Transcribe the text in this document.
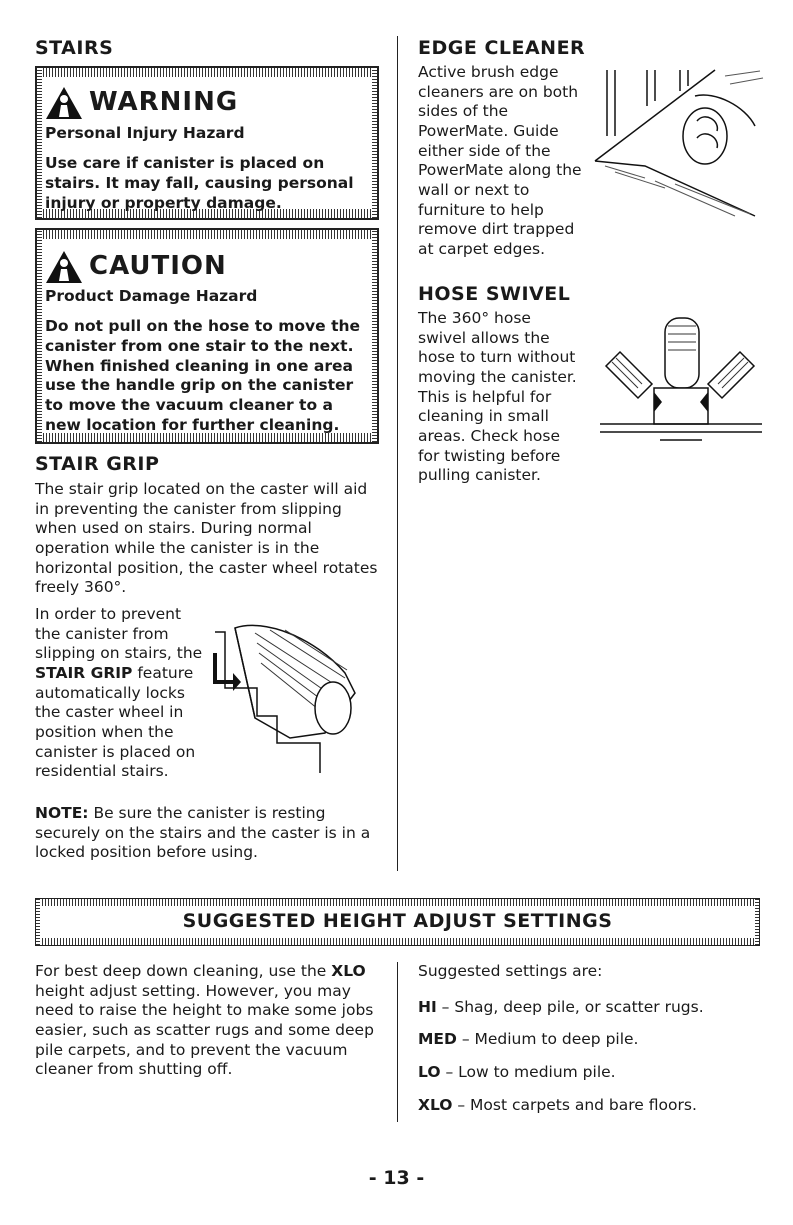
STAIRS
WARNING
Personal Injury Hazard
Use care if canister is placed on stairs. It may fall, causing personal injury or property damage.
CAUTION
Product Damage Hazard
Do not pull on the hose to move the canister from one stair to the next. When finished cleaning in one area use the handle grip on the canister to move the vacuum cleaner to a new location for further cleaning.
STAIR GRIP

The stair grip located on the caster will aid in preventing the canister from slipping when used on stairs. During normal operation while the canister is in the horizontal position, the caster wheel rotates freely 360°.

In order to prevent the canister from slipping on stairs, the STAIR GRIP feature automatically locks the caster wheel in position when the canister is placed on residential stairs.

NOTE: Be sure the canister is resting securely on the stairs and the caster is in a locked position before using.

EDGE CLEANER

Active brush edge cleaners are on both sides of the PowerMate. Guide either side of the PowerMate along the wall or next to furniture to help remove dirt trapped at carpet edges.

HOSE SWIVEL

The 360° hose swivel allows the hose to turn without moving the canister. This is helpful for cleaning in small areas. Check hose for twisting before pulling canister.

SUGGESTED HEIGHT ADJUST SETTINGS

For best deep down cleaning, use the XLO height adjust setting. However, you may need to raise the height to make some jobs easier, such as scatter rugs and some deep pile carpets, and to prevent the vacuum cleaner from shutting off.

Suggested settings are:

HI – Shag, deep pile, or scatter rugs.

MED – Medium to deep pile.

LO – Low to medium pile.

XLO – Most carpets and bare floors.

- 13 -
